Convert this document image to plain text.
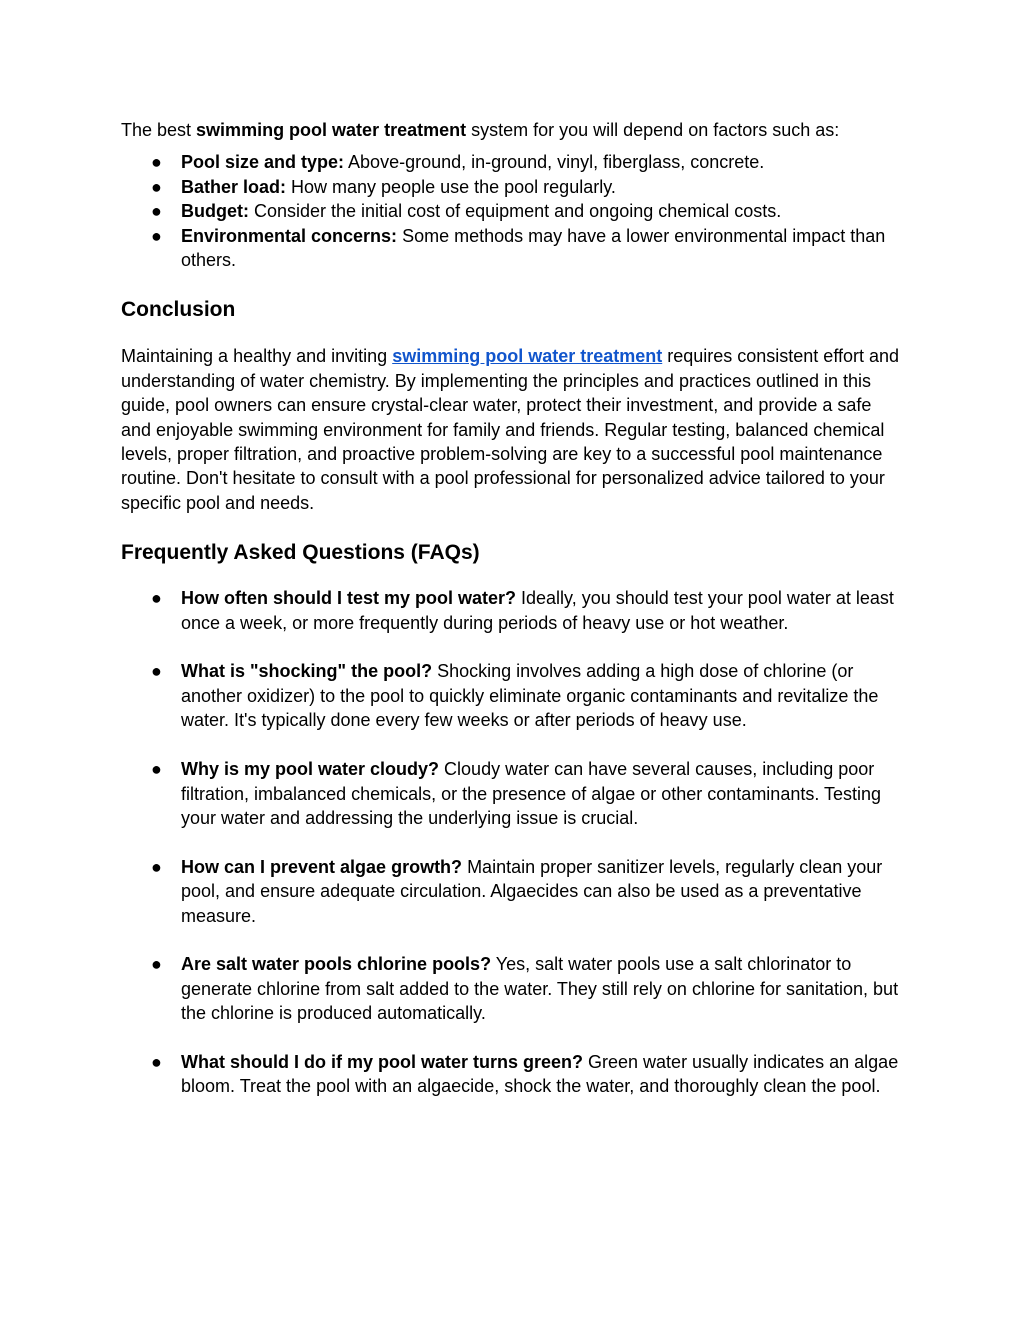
The best swimming pool water treatment system for you will depend on factors such as:

● Pool size and type: Above-ground, in-ground, vinyl, fiberglass, concrete.
● Bather load: How many people use the pool regularly.
● Budget: Consider the initial cost of equipment and ongoing chemical costs.
● Environmental concerns: Some methods may have a lower environmental impact than others.
Conclusion

Maintaining a healthy and inviting swimming pool water treatment requires consistent effort and understanding of water chemistry. By implementing the principles and practices outlined in this guide, pool owners can ensure crystal-clear water, protect their investment, and provide a safe and enjoyable swimming environment for family and friends. Regular testing, balanced chemical levels, proper filtration, and proactive problem-solving are key to a successful pool maintenance routine. Don't hesitate to consult with a pool professional for personalized advice tailored to your specific pool and needs.

Frequently Asked Questions (FAQs)
● How often should I test my pool water? Ideally, you should test your pool water at least once a week, or more frequently during periods of heavy use or hot weather.
● What is "shocking" the pool? Shocking involves adding a high dose of chlorine (or another oxidizer) to the pool to quickly eliminate organic contaminants and revitalize the water. It's typically done every few weeks or after periods of heavy use.
● Why is my pool water cloudy? Cloudy water can have several causes, including poor filtration, imbalanced chemicals, or the presence of algae or other contaminants. Testing your water and addressing the underlying issue is crucial.
● How can I prevent algae growth? Maintain proper sanitizer levels, regularly clean your pool, and ensure adequate circulation. Algaecides can also be used as a preventative measure.
● Are salt water pools chlorine pools? Yes, salt water pools use a salt chlorinator to generate chlorine from salt added to the water. They still rely on chlorine for sanitation, but the chlorine is produced automatically.
● What should I do if my pool water turns green? Green water usually indicates an algae bloom. Treat the pool with an algaecide, shock the water, and thoroughly clean the pool.
